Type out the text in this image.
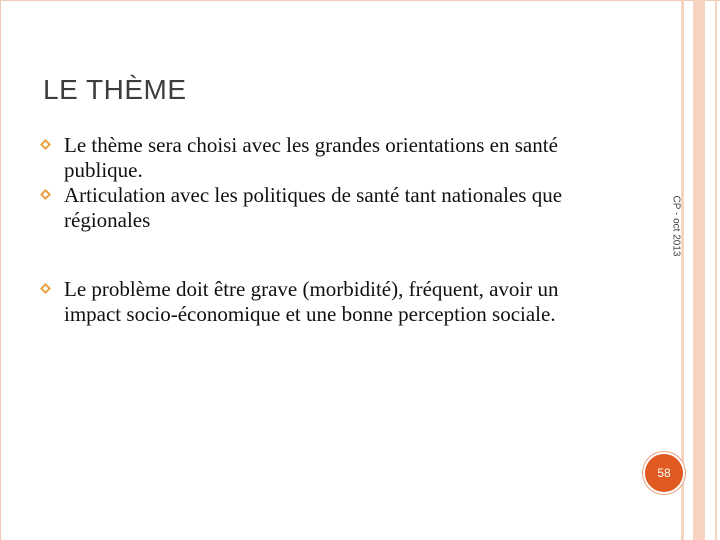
LE THÈME
Le thème sera choisi avec les grandes orientations en santé publique.
Articulation avec les politiques de santé tant nationales que régionales
Le problème doit être grave (morbidité), fréquent, avoir un impact socio-économique et une bonne perception sociale.
CP - oct 2013
58
